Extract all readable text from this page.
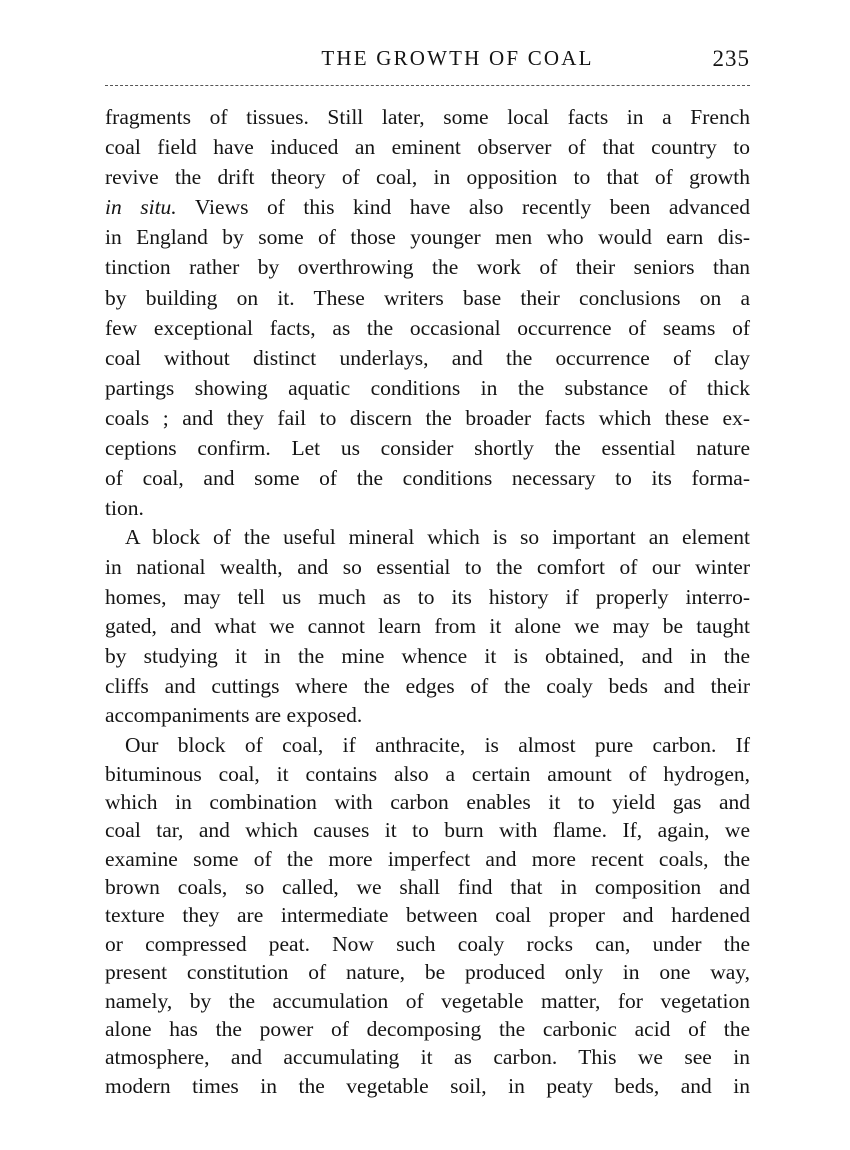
THE GROWTH OF COAL	235
fragments of tissues. Still later, some local facts in a French
coal field have induced an eminent observer of that country to
revive the drift theory of coal, in opposition to that of growth
in situ. Views of this kind have also recently been advanced
in England by some of those younger men who would earn dis-
tinction rather by overthrowing the work of their seniors than
by building on it. These writers base their conclusions on a
few exceptional facts, as the occasional occurrence of seams of
coal without distinct underlays, and the occurrence of clay
partings showing aquatic conditions in the substance of thick
coals ; and they fail to discern the broader facts which these ex-
ceptions confirm. Let us consider shortly the essential nature
of coal, and some of the conditions necessary to its forma-
tion.
A block of the useful mineral which is so important an element
in national wealth, and so essential to the comfort of our winter
homes, may tell us much as to its history if properly interro-
gated, and what we cannot learn from it alone we may be taught
by studying it in the mine whence it is obtained, and in the
cliffs and cuttings where the edges of the coaly beds and their
accompaniments are exposed.
Our block of coal, if anthracite, is almost pure carbon. If
bituminous coal, it contains also a certain amount of hydrogen,
which in combination with carbon enables it to yield gas and
coal tar, and which causes it to burn with flame. If, again, we
examine some of the more imperfect and more recent coals, the
brown coals, so called, we shall find that in composition and
texture they are intermediate between coal proper and hardened
or compressed peat. Now such coaly rocks can, under the
present constitution of nature, be produced only in one way,
namely, by the accumulation of vegetable matter, for vegetation
alone has the power of decomposing the carbonic acid of the
atmosphere, and accumulating it as carbon. This we see in
modern times in the vegetable soil, in peaty beds, and in
